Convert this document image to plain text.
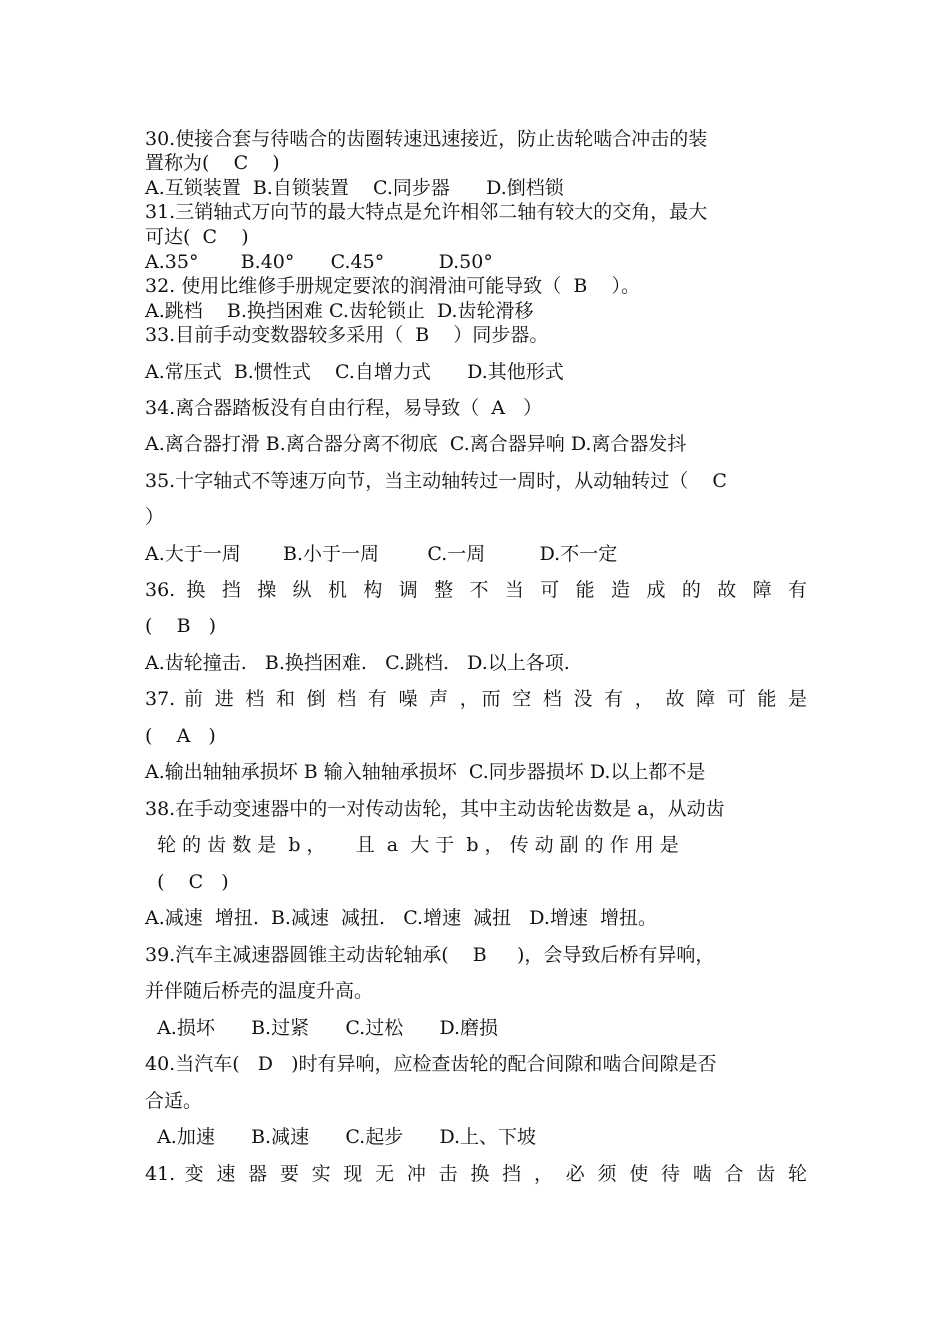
30.使接合套与待啮合的齿圈转速迅速接近，防止齿轮啮合冲击的装

置称为(    C    )

A.互锁装置  B.自锁装置    C.同步器      D.倒档锁

31.三销轴式万向节的最大特点是允许相邻二轴有较大的交角，最大

可达(  C    )

A.35°       B.40°      C.45°         D.50°

32. 使用比维修手册规定要浓的润滑油可能导致（  B    ）。

A.跳档    B.换挡困难 C.齿轮锁止  D.齿轮滑移

33.目前手动变数器较多采用（  B    ）同步器。

A.常压式  B.惯性式    C.自增力式      D.其他形式

34.离合器踏板没有自由行程，易导致（  A   ）

A.离合器打滑 B.离合器分离不彻底  C.离合器异响 D.离合器发抖

35.十字轴式不等速万向节，当主动轴转过一周时，从动轴转过（    C

）

A.大于一周       B.小于一周        C.一周         D.不一定

36. 换 挡 操 纵 机 构 调 整 不 当 可 能 造 成 的 故 障 有

(    B   )

A.齿轮撞击.   B.换挡困难.   C.跳档.   D.以上各项.

37. 前 进 档 和 倒 档 有 噪 声 ，而 空 档 没 有 ， 故 障 可 能 是

(    A   )

A.输出轴轴承损坏 B 输入轴轴承损坏  C.同步器损坏 D.以上都不是

38.在手动变速器中的一对传动齿轮，其中主动齿轮齿数是 a，从动齿

轮 的 齿 数 是  b ，     且  a  大 于  b ， 传 动 副 的 作 用 是

(    C   )

A.减速  增扭.  B.减速  减扭.   C.增速  减扭   D.增速  增扭。

39.汽车主减速器圆锥主动齿轮轴承(    B     )，会导致后桥有异响，

并伴随后桥壳的温度升高。

A.损坏      B.过紧      C.过松      D.磨损

40.当汽车(   D   )时有异响，应检查齿轮的配合间隙和啮合间隙是否

合适。

A.加速      B.减速      C.起步      D.上、下坡

41. 变 速 器 要 实 现 无 冲 击 换 挡 ， 必 须 使 待 啮 合 齿 轮
